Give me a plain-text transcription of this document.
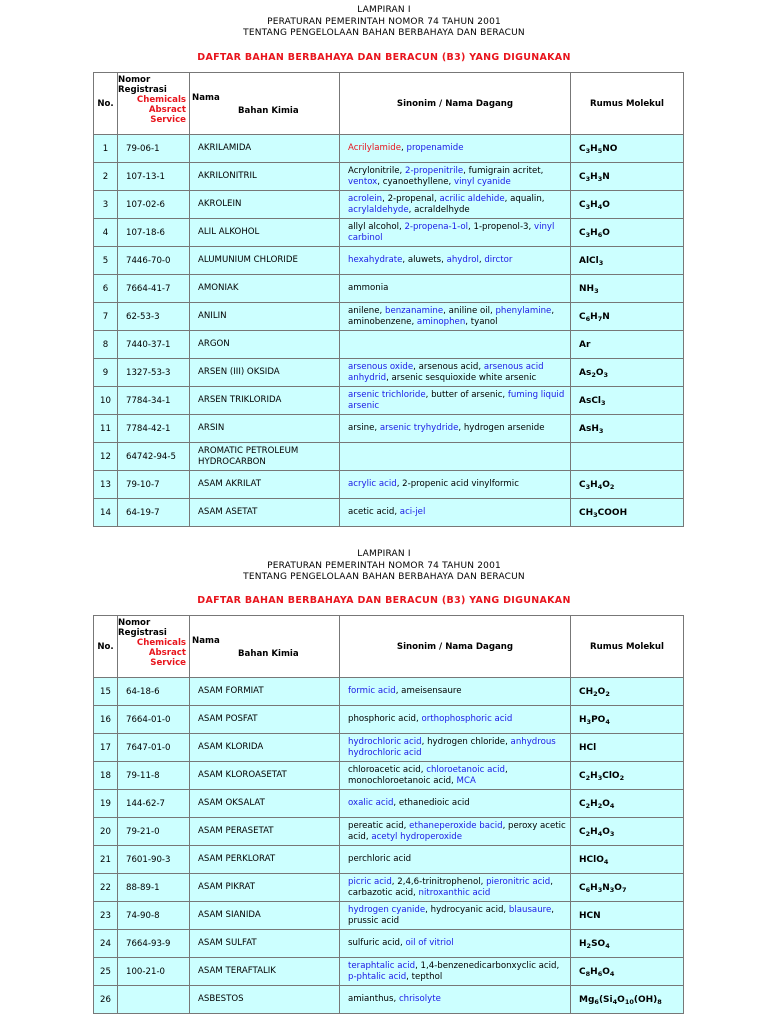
LAMPIRAN I
PERATURAN PEMERINTAH NOMOR 74 TAHUN 2001
TENTANG PENGELOLAAN BAHAN BERBAHAYA DAN BERACUN
DAFTAR BAHAN BERBAHAYA DAN BERACUN (B3) YANG DIGUNAKAN
No.	Nomor
Registrasi
Chemicals
Absract
Service	Nama
Bahan Kimia	Sinonim / Nama Dagang	Rumus Molekul
1	79-06-1	AKRILAMIDA	Acrilylamide, propenamide	$C_3H_5NO$
2	107-13-1	AKRILONITRIL	Acrylonitrile, 2-propenitrile, fumigrain acritet, ventox, cyanoethyllene, vinyl cyanide	$C_3H_3N$
3	107-02-6	AKROLEIN	acrolein, 2-propenal, acrilic aldehide, aqualin, acrylaldehyde, acraldelhyde	$C_3H_4O$
4	107-18-6	ALIL ALKOHOL	allyl alcohol, 2-propena-1-ol, 1-propenol-3, vinyl carbinol	$C_3H_6O$
5	7446-70-0	ALUMUNIUM CHLORIDE	hexahydrate, aluwets, ahydrol, dirctor	AlCl$_3$
6	7664-41-7	AMONIAK	ammonia	$NH_3$
7	62-53-3	ANILIN	anilene, benzanamine, aniline oil, phenylamine, aminobenzene, aminophen, tyanol	$C_6H_7N$
8	7440-37-1	ARGON		Ar
9	1327-53-3	ARSEN (III) OKSIDA	arsenous oxide, arsenous acid, arsenous acid anhydrid, arsenic sesquioxide white arsenic	$As_2O_3$
10	7784-34-1	ARSEN TRIKLORIDA	arsenic trichloride, butter of arsenic, fuming liquid arsenic	AsCl$_3$
11	7784-42-1	ARSIN	arsine, arsenic tryhydride, hydrogen arsenide	AsH$_3$
12	64742-94-5	AROMATIC PETROLEUM HYDROCARBON		
13	79-10-7	ASAM AKRILAT	acrylic acid, 2-propenic acid vinylformic	$C_3H_4O_2$
14	64-19-7	ASAM ASETAT	acetic acid, aci-jel	$CH_3COOH$
LAMPIRAN I
PERATURAN PEMERINTAH NOMOR 74 TAHUN 2001
TENTANG PENGELOLAAN BAHAN BERBAHAYA DAN BERACUN
DAFTAR BAHAN BERBAHAYA DAN BERACUN (B3) YANG DIGUNAKAN
No.	Nomor
Registrasi
Chemicals
Absract
Service	Nama
Bahan Kimia	Sinonim / Nama Dagang	Rumus Molekul
15	64-18-6	ASAM FORMIAT	formic acid, ameisensaure	$CH_2O_2$
16	7664-01-0	ASAM POSFAT	phosphoric acid, orthophosphoric acid	$H_3PO_4$
17	7647-01-0	ASAM KLORIDA	hydrochloric acid, hydrogen chloride, anhydrous hydrochloric acid	HCl
18	79-11-8	ASAM KLOROASETAT	chloroacetic acid, chloroetanoic acid, monochloroetanoic acid, MCA	$C_2H_3ClO_2$
19	144-62-7	ASAM OKSALAT	oxalic acid, ethanedioic acid	$C_2H_2O_4$
20	79-21-0	ASAM PERASETAT	pereatic acid, ethaneperoxide bacid, peroxy acetic acid, acetyl hydroperoxide	$C_2H_4O_3$
21	7601-90-3	ASAM PERKLORAT	perchloric acid	HClO$_4$
22	88-89-1	ASAM PIKRAT	picric acid, 2,4,6-trinitrophenol, pieronitric acid, carbazotic acid, nitroxanthic acid	$C_6H_3N_3O_7$
23	74-90-8	ASAM SIANIDA	hydrogen cyanide, hydrocyanic acid, blausaure, prussic acid	HCN
24	7664-93-9	ASAM SULFAT	sulfuric acid, oil of vitriol	$H_2SO_4$
25	100-21-0	ASAM TERAFTALIK	teraphtalic acid, 1,4-benzenedicarbonxyclic acid, p-phtalic acid, tepthol	$C_8H_6O_4$
26		ASBESTOS	amianthus, chrisolyte	$Mg_6(Si_4O_{10}(OH)_8$
